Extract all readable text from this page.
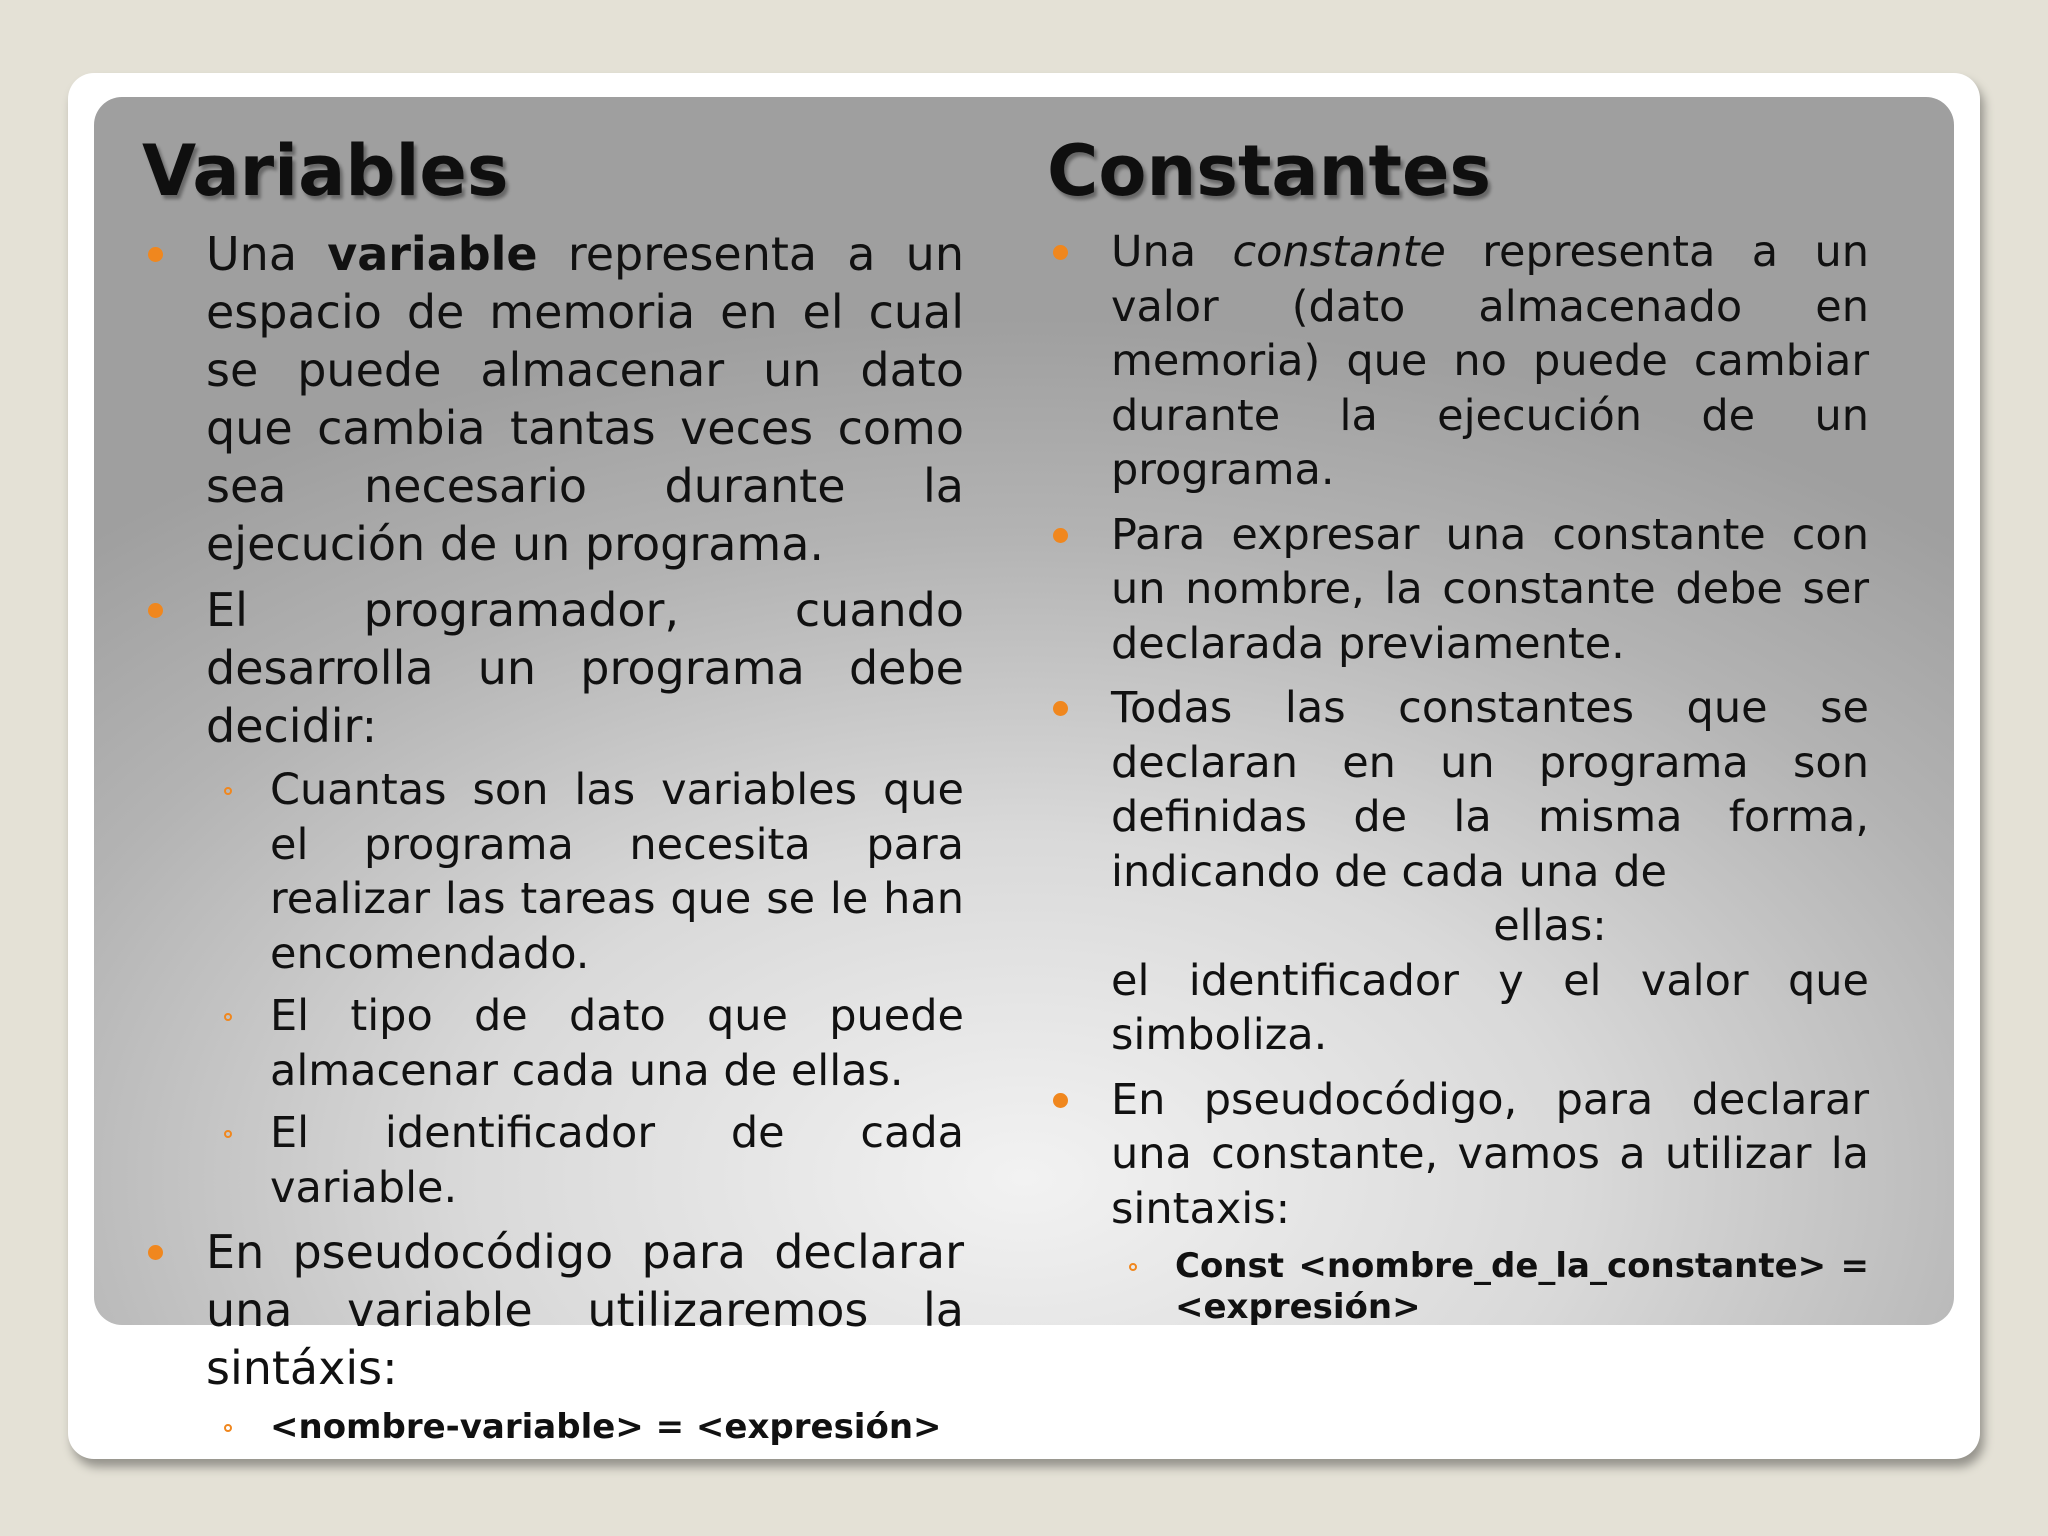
Variables
Una variable representa a un espacio de memoria en el cual se puede almacenar un dato que cambia tantas veces como sea necesario durante la ejecución de un programa.
El programador, cuando desarrolla un programa debe decidir:
Cuantas son las variables que el programa necesita para realizar las tareas que se le han encomendado.
El tipo de dato que puede almacenar cada una de ellas.
El identificador de cada variable.
En pseudocódigo para declarar una variable utilizaremos la sintáxis:
<nombre-variable> = <expresión>
Constantes
Una constante representa a un valor (dato almacenado en memoria) que no puede cambiar durante la ejecución de un programa.
Para expresar una constante con un nombre, la constante debe ser declarada previamente.
Todas las constantes que se declaran en un programa son definidas de la misma forma, indicando de cada una de
ellas:
el identificador y el valor que simboliza.
En pseudocódigo, para declarar una constante, vamos a utilizar la sintaxis:
Const <nombre_de_la_constante> = <expresión>
